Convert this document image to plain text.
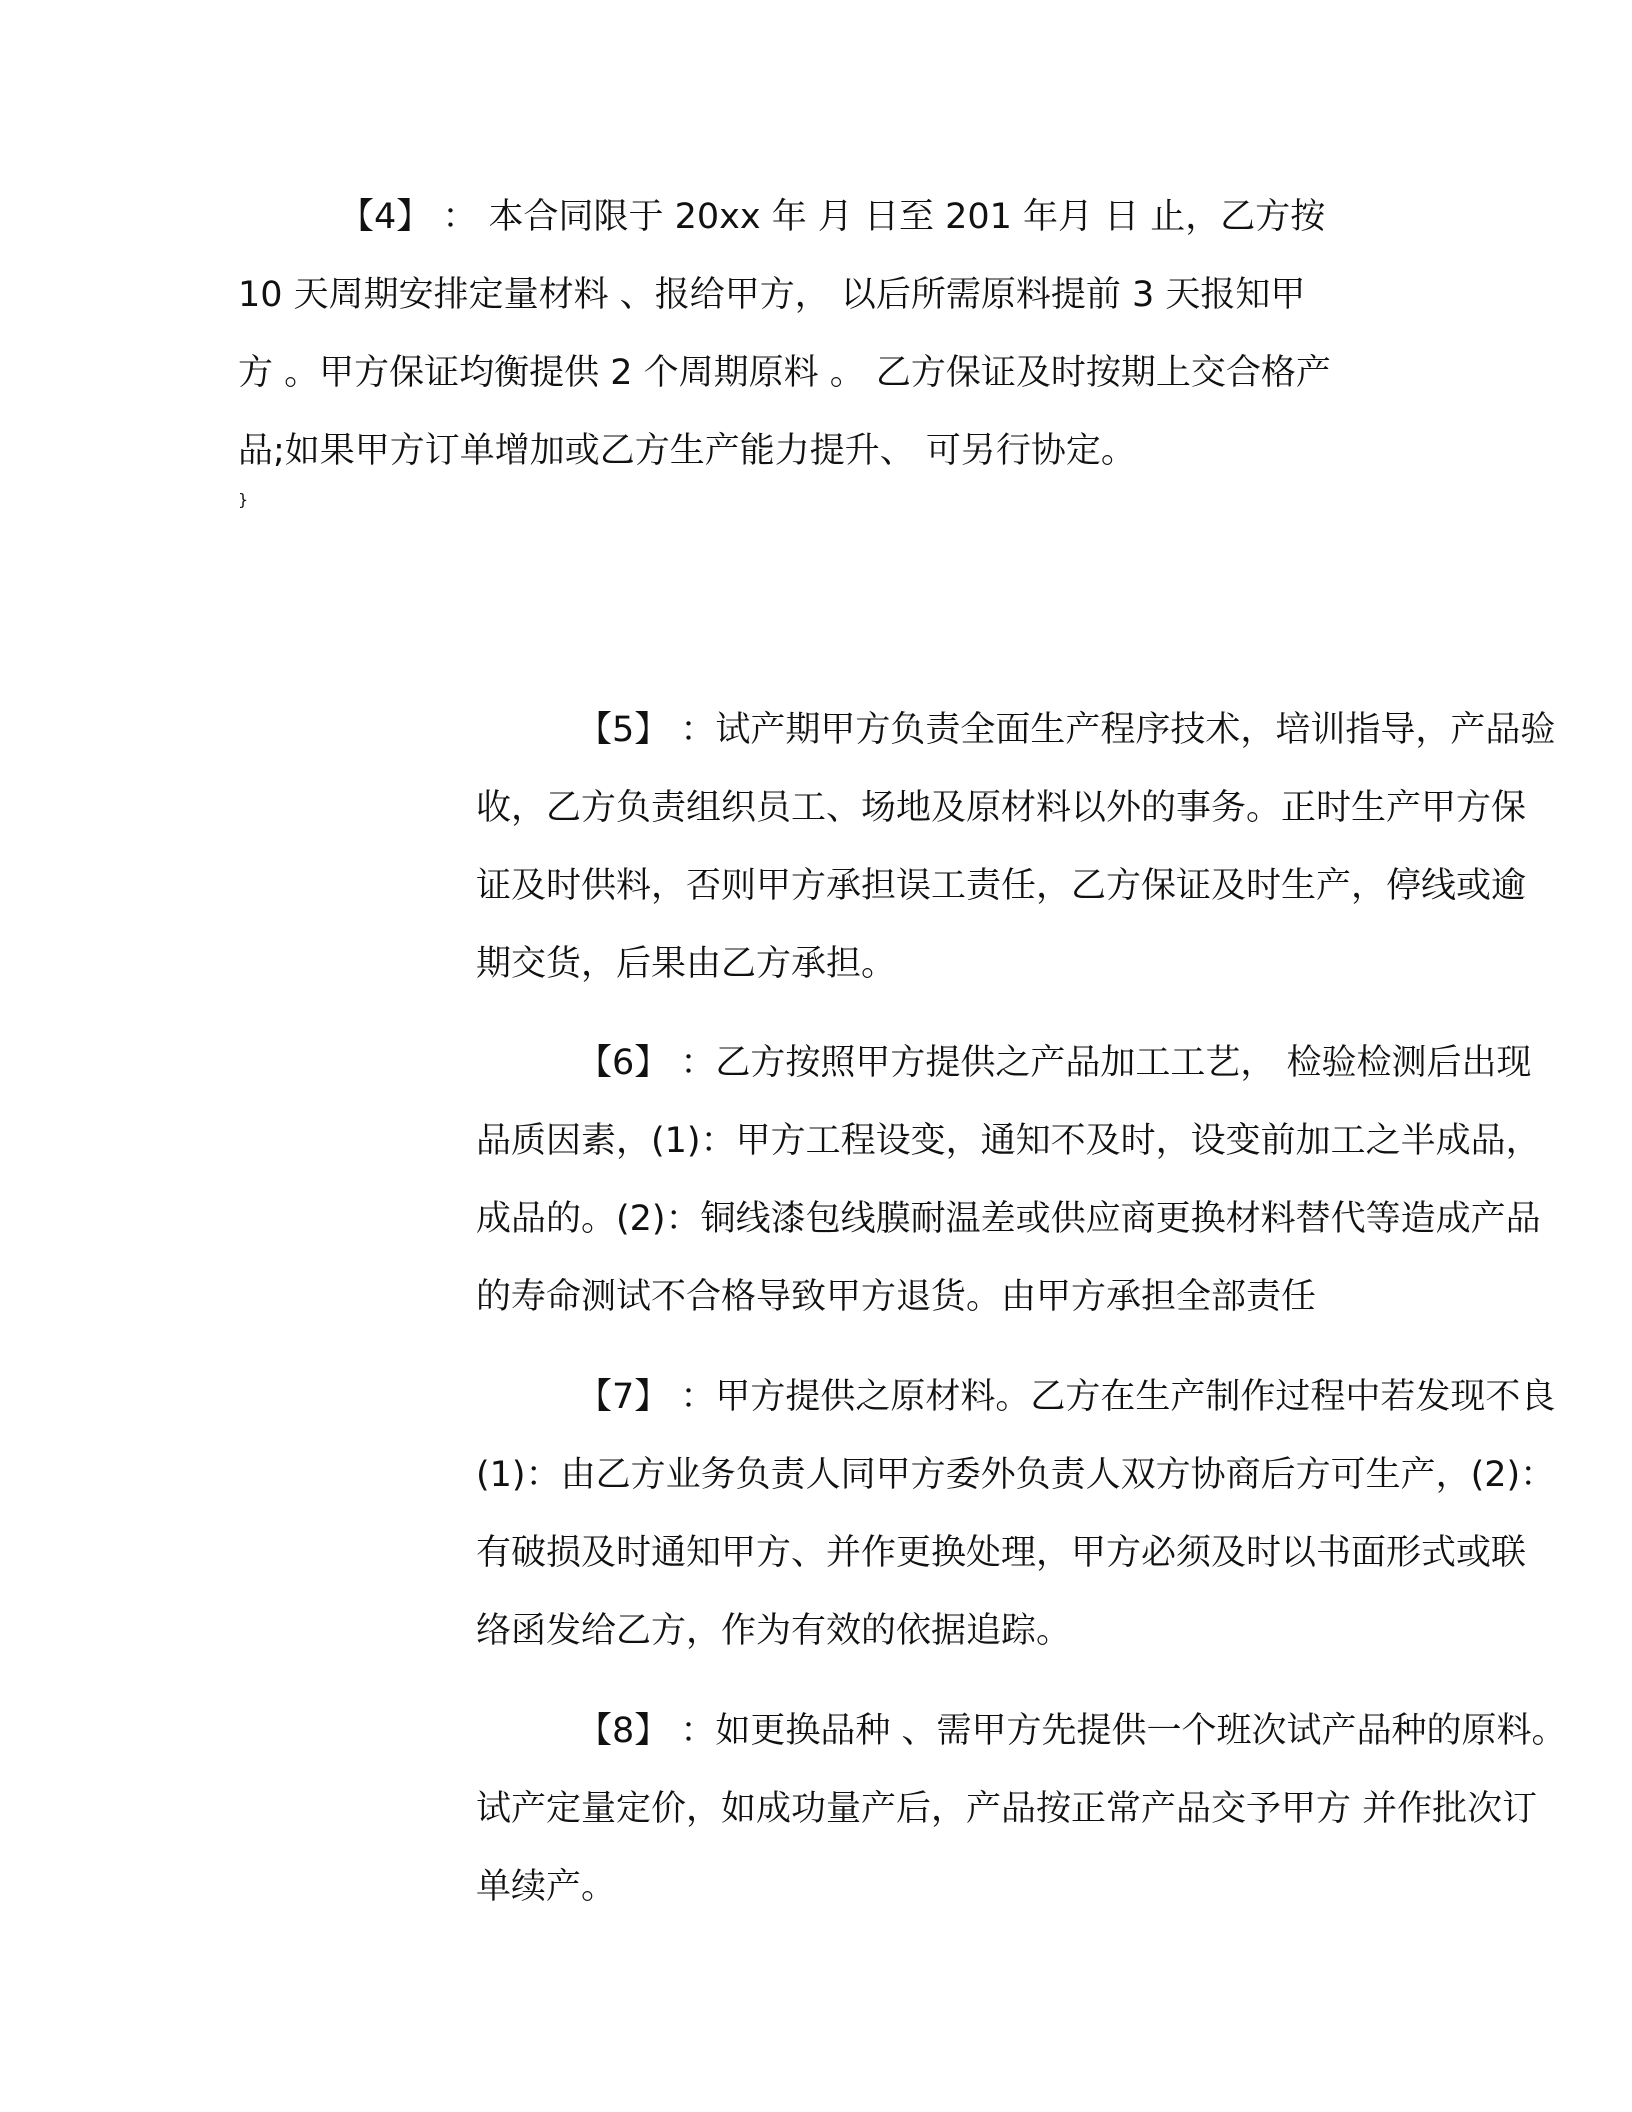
【4】 ： 本合同限于 20xx 年 月 日至 201 年月 日 止，乙方按
10 天周期安排定量材料 、报给甲方， 以后所需原料提前 3 天报知甲
方 。甲方保证均衡提供 2 个周期原料 。 乙方保证及时按期上交合格产
品;如果甲方订单增加或乙方生产能力提升、 可另行协定。
}
【5】 ：试产期甲方负责全面生产程序技术，培训指导，产品验
收，乙方负责组织员工、场地及原材料以外的事务。正时生产甲方保
证及时供料，否则甲方承担误工责任，乙方保证及时生产，停线或逾
期交货，后果由乙方承担。
【6】 ：乙方按照甲方提供之产品加工工艺， 检验检测后出现
品质因素，(1)：甲方工程设变，通知不及时，设变前加工之半成品，
成品的。(2)：铜线漆包线膜耐温差或供应商更换材料替代等造成产品
的寿命测试不合格导致甲方退货。由甲方承担全部责任
【7】 ：甲方提供之原材料。乙方在生产制作过程中若发现不良
(1)：由乙方业务负责人同甲方委外负责人双方协商后方可生产，(2)：
有破损及时通知甲方、并作更换处理，甲方必须及时以书面形式或联
络函发给乙方，作为有效的依据追踪。
【8】 ：如更换品种 、需甲方先提供一个班次试产品种的原料。
试产定量定价，如成功量产后，产品按正常产品交予甲方 并作批次订
单续产。
